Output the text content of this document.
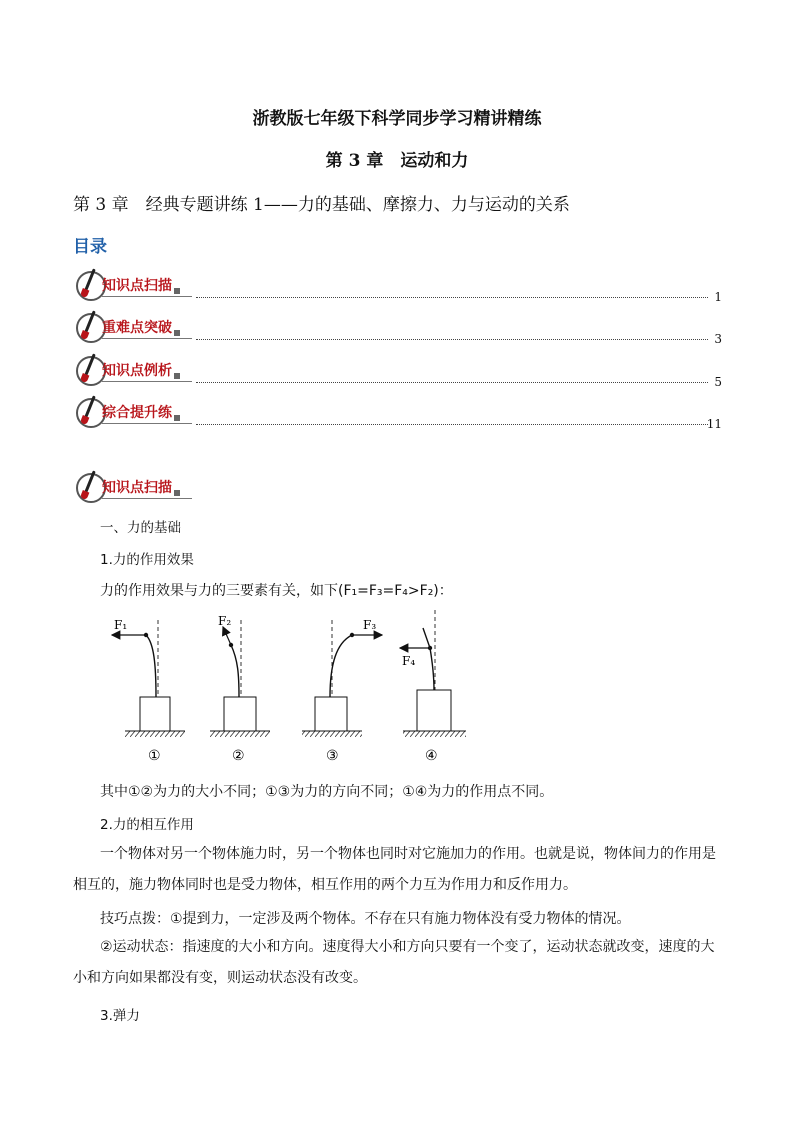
浙教版七年级下科学同步学习精讲精练
第 3 章　运动和力
第 3 章　经典专题讲练 1——力的基础、摩擦力、力与运动的关系
目录
知识点扫描
1
重难点突破
3
知识点例析
5
综合提升练
11
知识点扫描
一、力的基础
1.力的作用效果
力的作用效果与力的三要素有关，如下(F₁=F₃=F₄>F₂)：
F₁
①
F₂
②
F₃
③
F₄
④
其中①②为力的大小不同；①③为力的方向不同；①④为力的作用点不同。
2.力的相互作用
一个物体对另一个物体施力时，另一个物体也同时对它施加力的作用。也就是说，物体间力的作用是相互的，施力物体同时也是受力物体，相互作用的两个力互为作用力和反作用力。
技巧点拨：①提到力，一定涉及两个物体。不存在只有施力物体没有受力物体的情况。
②运动状态：指速度的大小和方向。速度得大小和方向只要有一个变了，运动状态就改变，速度的大小和方向如果都没有变，则运动状态没有改变。
3.弹力
